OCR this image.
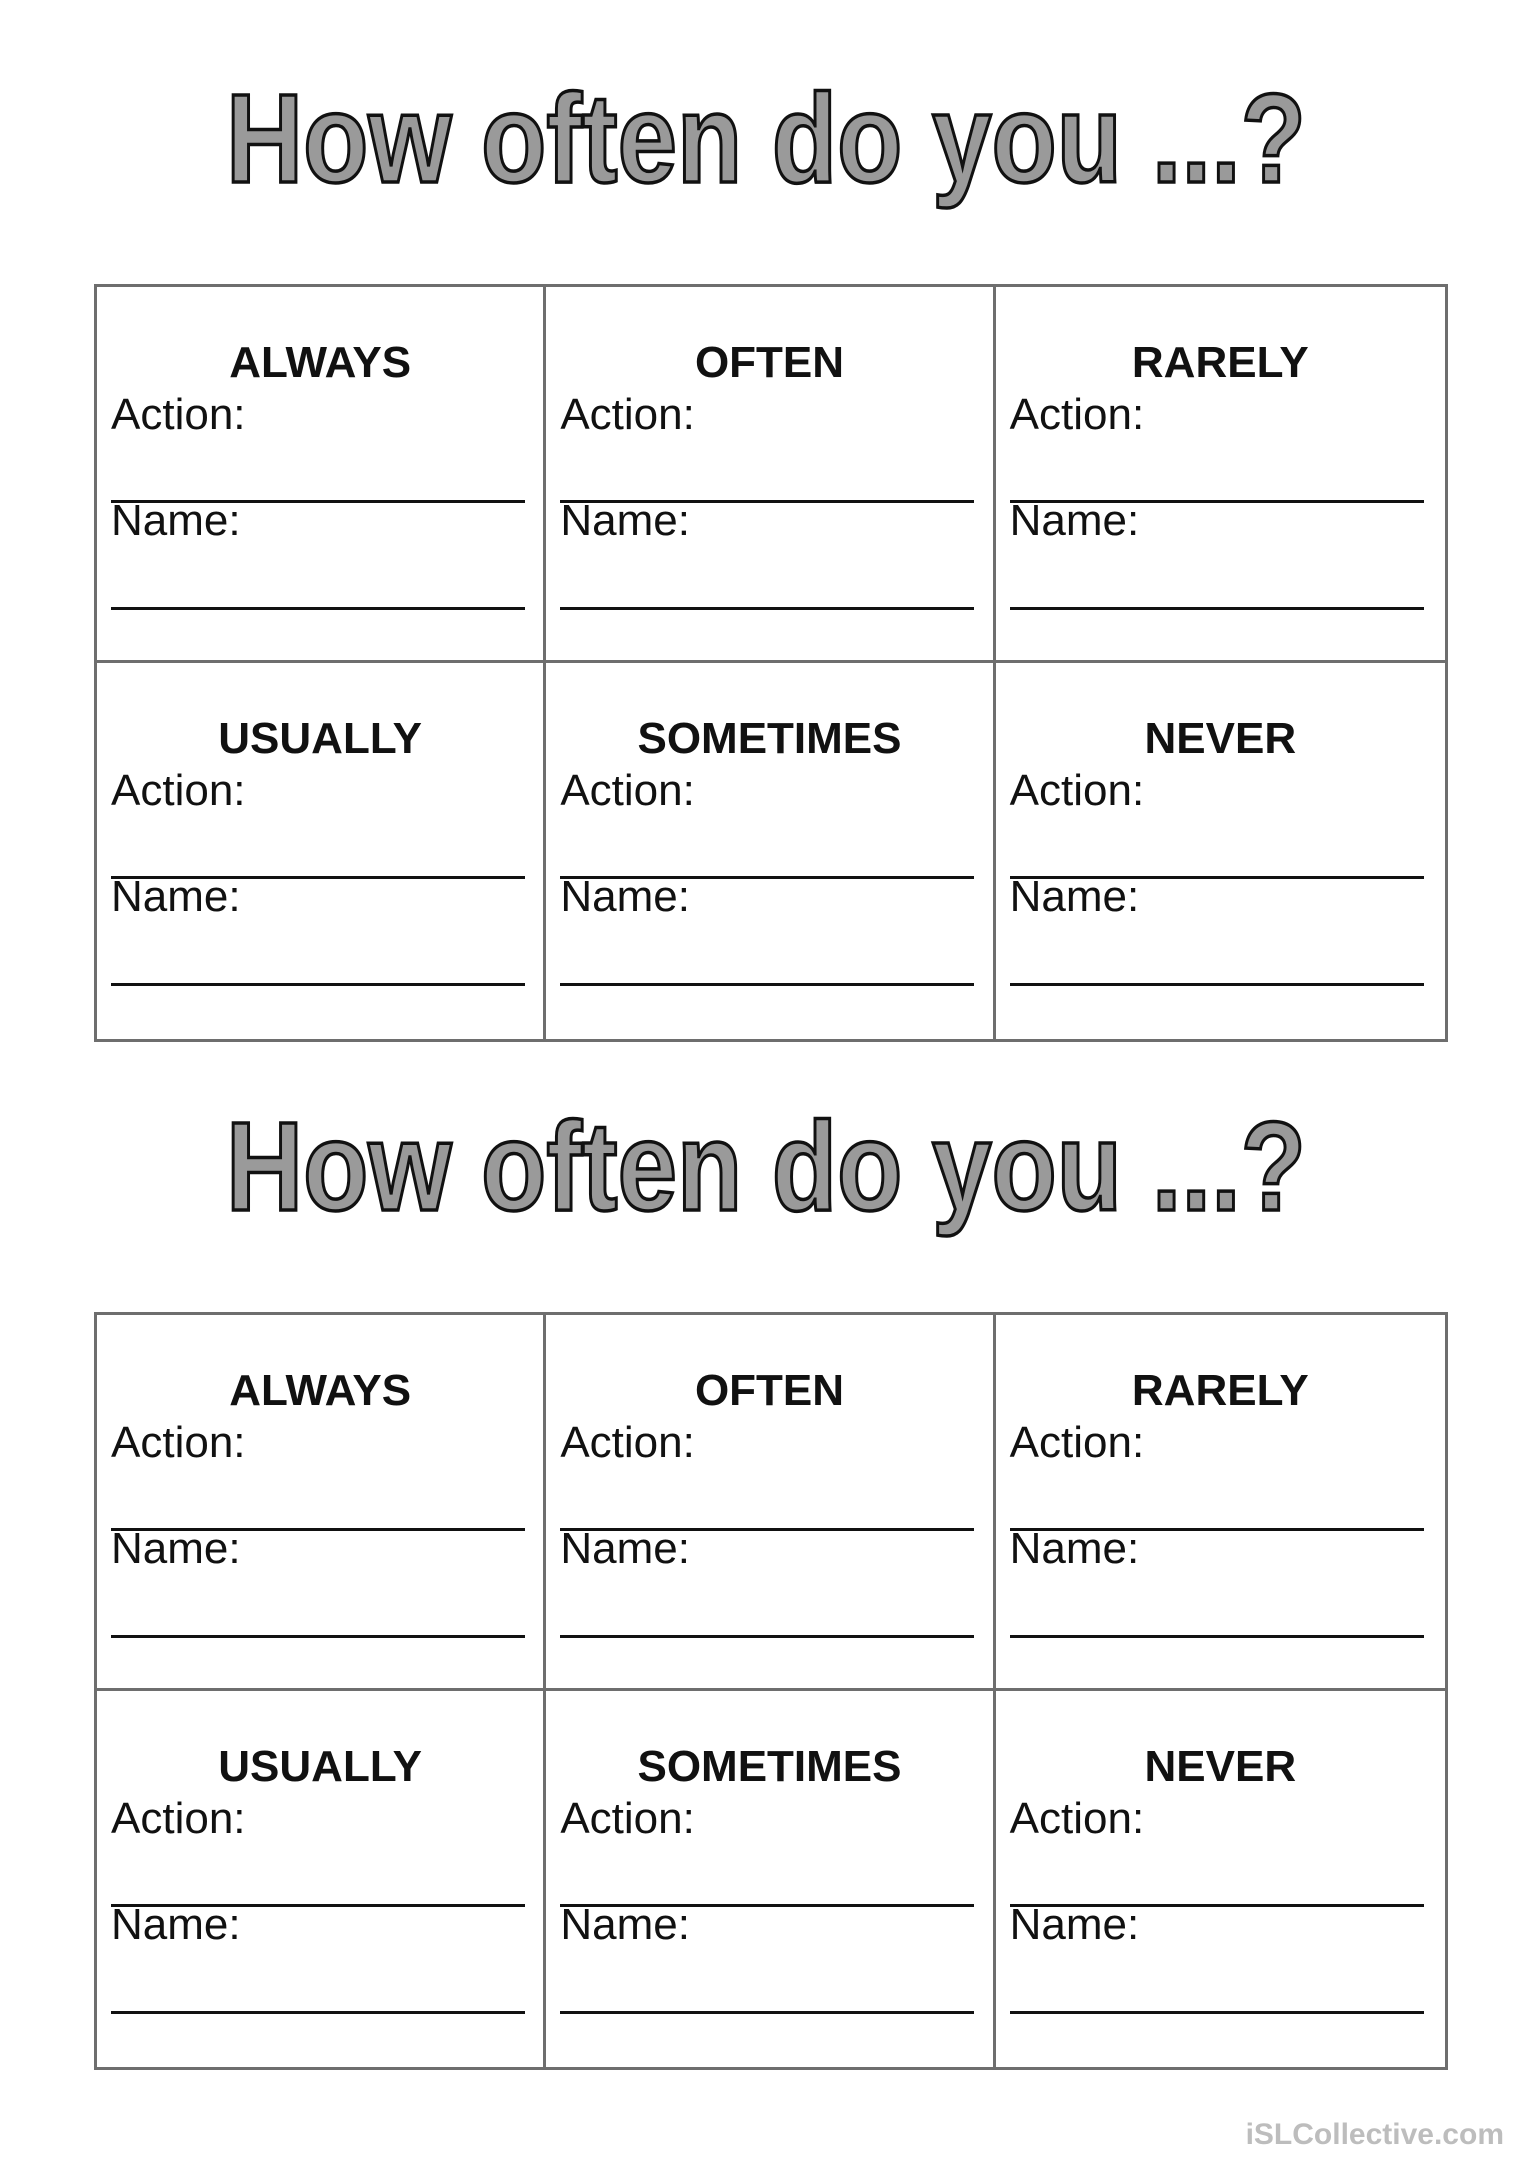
How often do you ...?
ALWAYS
Action:
Name:
OFTEN
Action:
Name:
RARELY
Action:
Name:
USUALLY
Action:
Name:
SOMETIMES
Action:
Name:
NEVER
Action:
Name:
How often do you ...?
ALWAYS
Action:
Name:
OFTEN
Action:
Name:
RARELY
Action:
Name:
USUALLY
Action:
Name:
SOMETIMES
Action:
Name:
NEVER
Action:
Name:
iSLCollective.com
